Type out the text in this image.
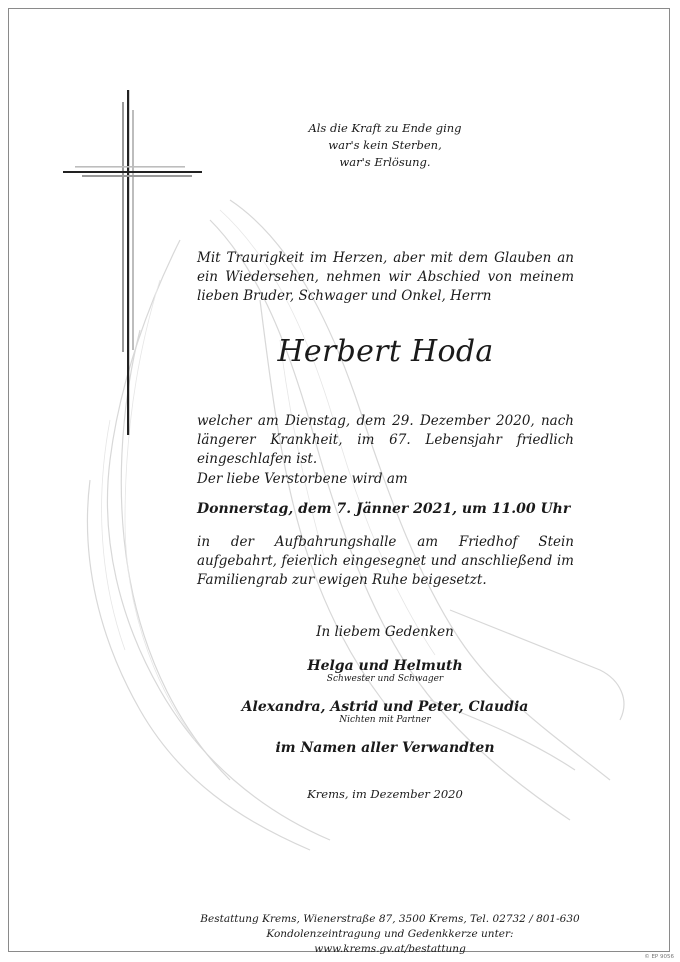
Als die Kraft zu Ende ging
war's kein Sterben,
war's Erlösung.
Mit Traurigkeit im Herzen, aber mit dem Glauben an ein Wiedersehen, nehmen wir Abschied von meinem lieben Bruder, Schwager und Onkel, Herrn
Herbert Hoda
welcher am Dienstag, dem 29. Dezember 2020, nach längerer Krankheit, im 67. Lebensjahr friedlich eingeschlafen ist.
Der liebe Verstorbene wird am
Donnerstag, dem 7. Jänner 2021, um 11.00 Uhr
in der Aufbahrungshalle am Friedhof Stein aufgebahrt, feierlich eingesegnet und anschließend im Familiengrab zur ewigen Ruhe beigesetzt.
In liebem Gedenken
Helga und Helmuth
Schwester und Schwager
Alexandra, Astrid und Peter, Claudia
Nichten mit Partner
im Namen aller Verwandten
Krems, im Dezember 2020
Bestattung Krems, Wienerstraße 87, 3500 Krems, Tel. 02732 / 801-630
Kondolenzeintragung und Gedenkkerze unter: www.krems.gv.at/bestattung
© EP 9056
